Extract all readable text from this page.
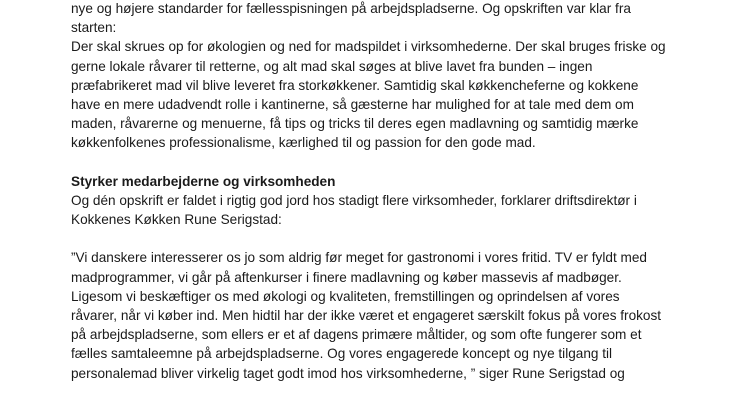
nye og højere standarder for fællesspisningen på arbejdspladserne. Og opskriften var klar fra
starten:
Der skal skrues op for økologien og ned for madspildet i virksomhederne. Der skal bruges friske og
gerne lokale råvarer til retterne, og alt mad skal søges at blive lavet fra bunden – ingen
præfabrikeret mad vil blive leveret fra storkøkkener. Samtidig skal køkkencheferne og kokkene
have en mere udadvendt rolle i kantinerne, så gæsterne har mulighed for at tale med dem om
maden, råvarerne og menuerne, få tips og tricks til deres egen madlavning og samtidig mærke
køkkenfolkenes professionalisme, kærlighed til og passion for den gode mad.
Styrker medarbejderne og virksomheden
Og dén opskrift er faldet i rigtig god jord hos stadigt flere virksomheder, forklarer driftsdirektør i
Kokkenes Køkken Rune Serigstad:
”Vi danskere interesserer os jo som aldrig før meget for gastronomi i vores fritid. TV er fyldt med
madprogrammer, vi går på aftenkurser i finere madlavning og køber massevis af madbøger.
Ligesom vi beskæftiger os med økologi og kvaliteten, fremstillingen og oprindelsen af vores
råvarer, når vi køber ind. Men hidtil har der ikke været et engageret særskilt fokus på vores frokost
på arbejdspladserne, som ellers er et af dagens primære måltider, og som ofte fungerer som et
fælles samtaleemne på arbejdspladserne. Og vores engagerede koncept og nye tilgang til
personalemad bliver virkelig taget godt imod hos virksomhederne, ” siger Rune Serigstad og
